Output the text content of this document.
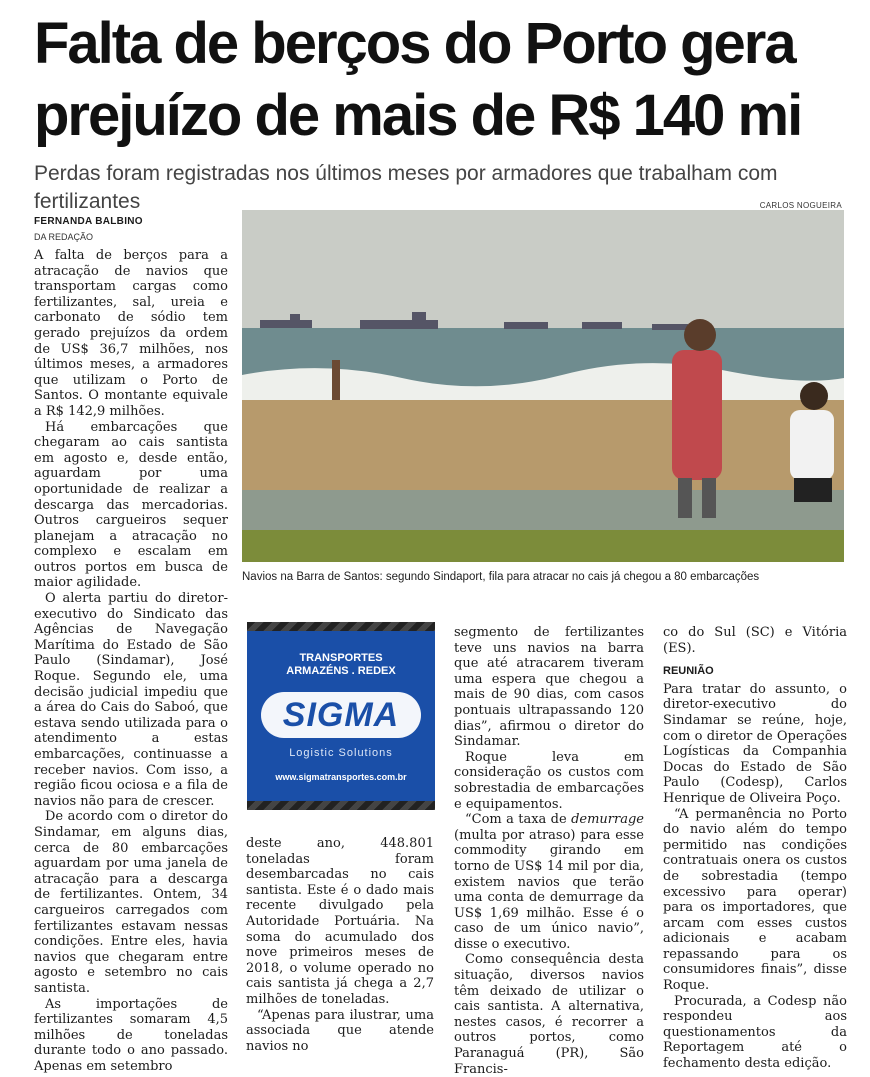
Falta de berços do Porto gera
prejuízo de mais de R$ 140 mi

Perdas foram registradas nos últimos meses por armadores que trabalham com fertilizantes

FERNANDA BALBINO
DA REDAÇÃO
CARLOS NOGUEIRA
Navios na Barra de Santos: segundo Sindaport, fila para atracar no cais já chegou a 80 embarcações

A falta de berços para a atracação de navios que transportam cargas como fertilizantes, sal, ureia e carbonato de sódio tem gerado prejuízos da ordem de US$ 36,7 milhões, nos últimos meses, a armadores que utilizam o Porto de Santos. O montante equivale a R$ 142,9 milhões.

Há embarcações que chegaram ao cais santista em agosto e, desde então, aguardam por uma oportunidade de realizar a descarga das mercadorias. Outros cargueiros sequer planejam a atracação no complexo e escalam em outros portos em busca de maior agilidade.

O alerta partiu do diretor-executivo do Sindicato das Agências de Navegação Marítima do Estado de São Paulo (Sindamar), José Roque. Segundo ele, uma decisão judicial impediu que a área do Cais do Saboó, que estava sendo utilizada para o atendimento a estas embarcações, continuasse a receber navios. Com isso, a região ficou ociosa e a fila de navios não para de crescer.

De acordo com o diretor do Sindamar, em alguns dias, cerca de 80 embarcações aguardam por uma janela de atracação para a descarga de fertilizantes. Ontem, 34 cargueiros carregados com fertilizantes estavam nessas condições. Entre eles, havia navios que chegaram entre agosto e setembro no cais santista.

As importações de fertilizantes somaram 4,5 milhões de toneladas durante todo o ano passado. Apenas em setembro

TRANSPORTES
ARMAZÉNS . REDEX
SIGMA
Logistic Solutions
www.sigmatransportes.com.br

deste ano, 448.801 toneladas foram desembarcadas no cais santista. Este é o dado mais recente divulgado pela Autoridade Portuária. Na soma do acumulado dos nove primeiros meses de 2018, o volume operado no cais santista já chega a 2,7 milhões de toneladas.

“Apenas para ilustrar, uma associada que atende navios no

segmento de fertilizantes teve uns navios na barra que até atracarem tiveram uma espera que chegou a mais de 90 dias, com casos pontuais ultrapassando 120 dias”, afirmou o diretor do Sindamar.

Roque leva em consideração os custos com sobrestadia de embarcações e equipamentos.

“Com a taxa de demurrage (multa por atraso) para esse commodity girando em torno de US$ 14 mil por dia, existem navios que terão uma conta de demurrage da US$ 1,69 milhão. Esse é o caso de um único navio”, disse o executivo.

Como consequência desta situação, diversos navios têm deixado de utilizar o cais santista. A alternativa, nestes casos, é recorrer a outros portos, como Paranaguá (PR), São Francis-

co do Sul (SC) e Vitória (ES).

REUNIÃO

Para tratar do assunto, o diretor-executivo do Sindamar se reúne, hoje, com o diretor de Operações Logísticas da Companhia Docas do Estado de São Paulo (Codesp), Carlos Henrique de Oliveira Poço.

“A permanência no Porto do navio além do tempo permitido nas condições contratuais onera os custos de sobrestadia (tempo excessivo para operar) para os importadores, que arcam com esses custos adicionais e acabam repassando para os consumidores finais”, disse Roque.

Procurada, a Codesp não respondeu aos questionamentos da Reportagem até o fechamento desta edição.
